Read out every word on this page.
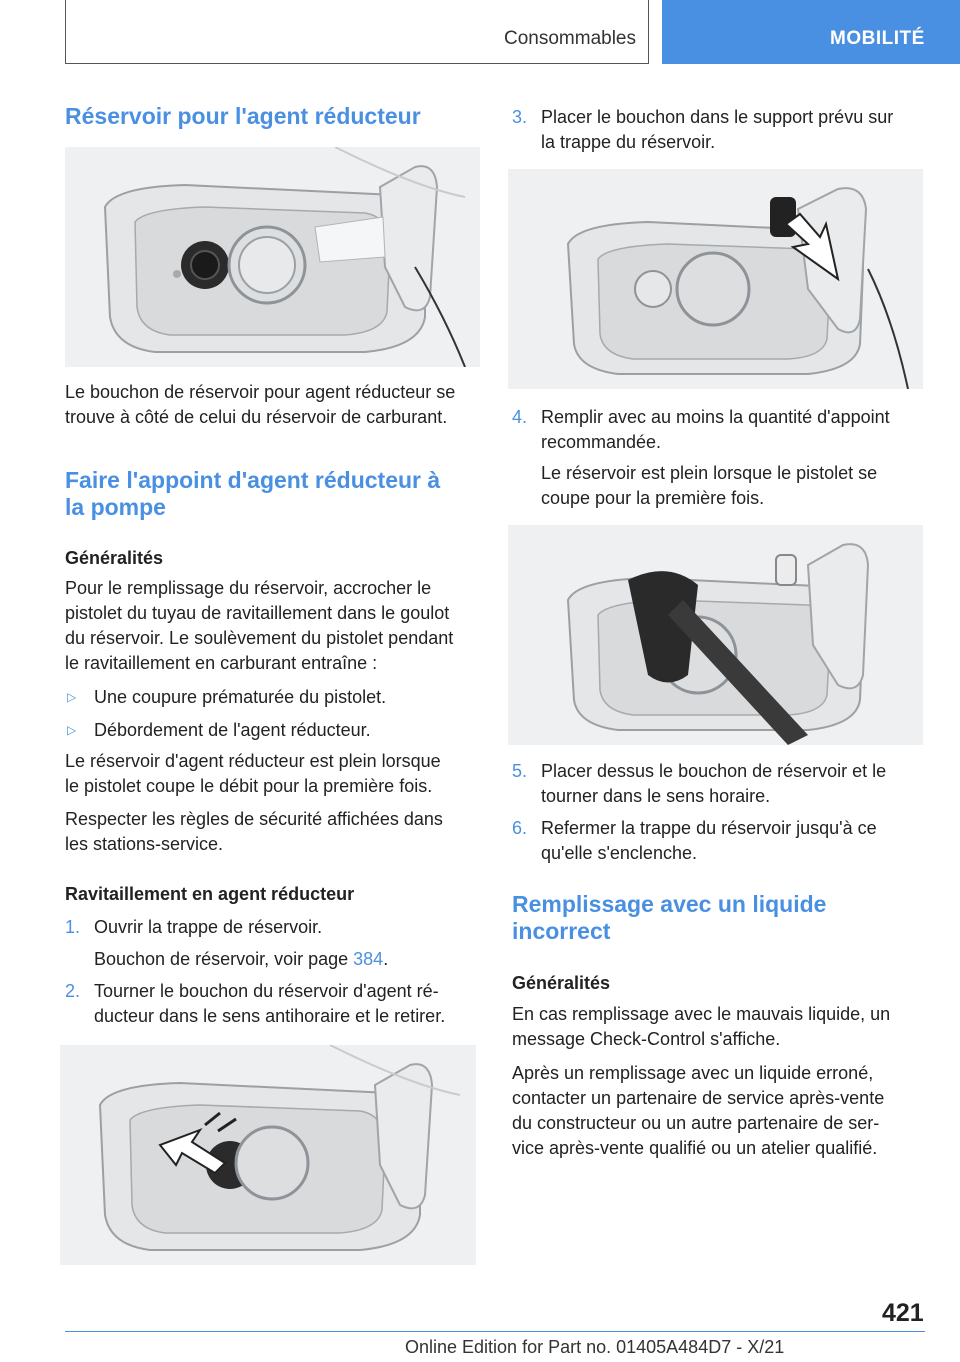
Consommables	MOBILITÉ
Réservoir pour l'agent réducteur

Le bouchon de réservoir pour agent réducteur se
trouve à côté de celui du réservoir de carburant.

Faire l'appoint d'agent réducteur à
la pompe
Généralités

Pour le remplissage du réservoir, accrocher le
pistolet du tuyau de ravitaillement dans le goulot
du réservoir. Le soulèvement du pistolet pendant
le ravitaillement en carburant entraîne :

▷ Une coupure prématurée du pistolet.

▷ Débordement de l'agent réducteur.

Le réservoir d'agent réducteur est plein lorsque
le pistolet coupe le débit pour la première fois.

Respecter les règles de sécurité affichées dans
les stations-service.

Ravitaillement en agent réducteur
1. Ouvrir la trappe de réservoir.

Bouchon de réservoir, voir page 384.

2. Tourner le bouchon du réservoir d'agent ré-
ducteur dans le sens antihoraire et le retirer.

3. Placer le bouchon dans le support prévu sur
la trappe du réservoir.

4. Remplir avec au moins la quantité d'appoint
recommandée.

Le réservoir est plein lorsque le pistolet se
coupe pour la première fois.

5. Placer dessus le bouchon de réservoir et le
tourner dans le sens horaire.

6. Refermer la trappe du réservoir jusqu'à ce
qu'elle s'enclenche.

Remplissage avec un liquide
incorrect
Généralités

En cas remplissage avec le mauvais liquide, un
message Check-Control s'affiche.

Après un remplissage avec un liquide erroné,
contacter un partenaire de service après-vente
du constructeur ou un autre partenaire de ser-
vice après-vente qualifié ou un atelier qualifié.

421
Online Edition for Part no. 01405A484D7 - X/21
